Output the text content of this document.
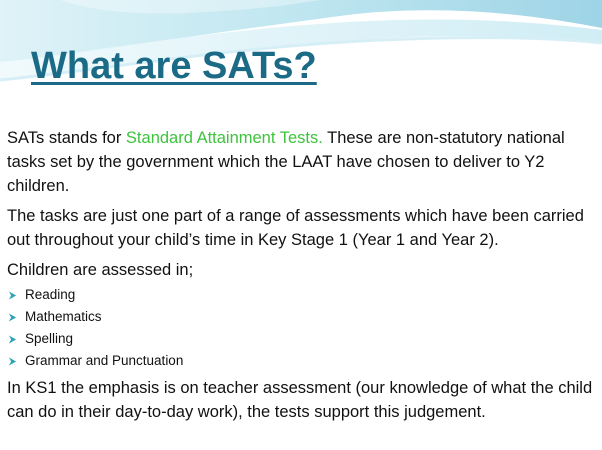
What are SATs?

SATs stands for Standard Attainment Tests. These are non-statutory national tasks set by the government which the LAAT have chosen to deliver to Y2 children.

The tasks are just one part of a range of assessments which have been carried out throughout your child’s time in Key Stage 1 (Year 1 and Year 2).

Children are assessed in;

Reading
Mathematics
Spelling
Grammar and Punctuation

In KS1 the emphasis is on teacher assessment (our knowledge of what the child can do in their day-to-day work), the tests support this judgement.
